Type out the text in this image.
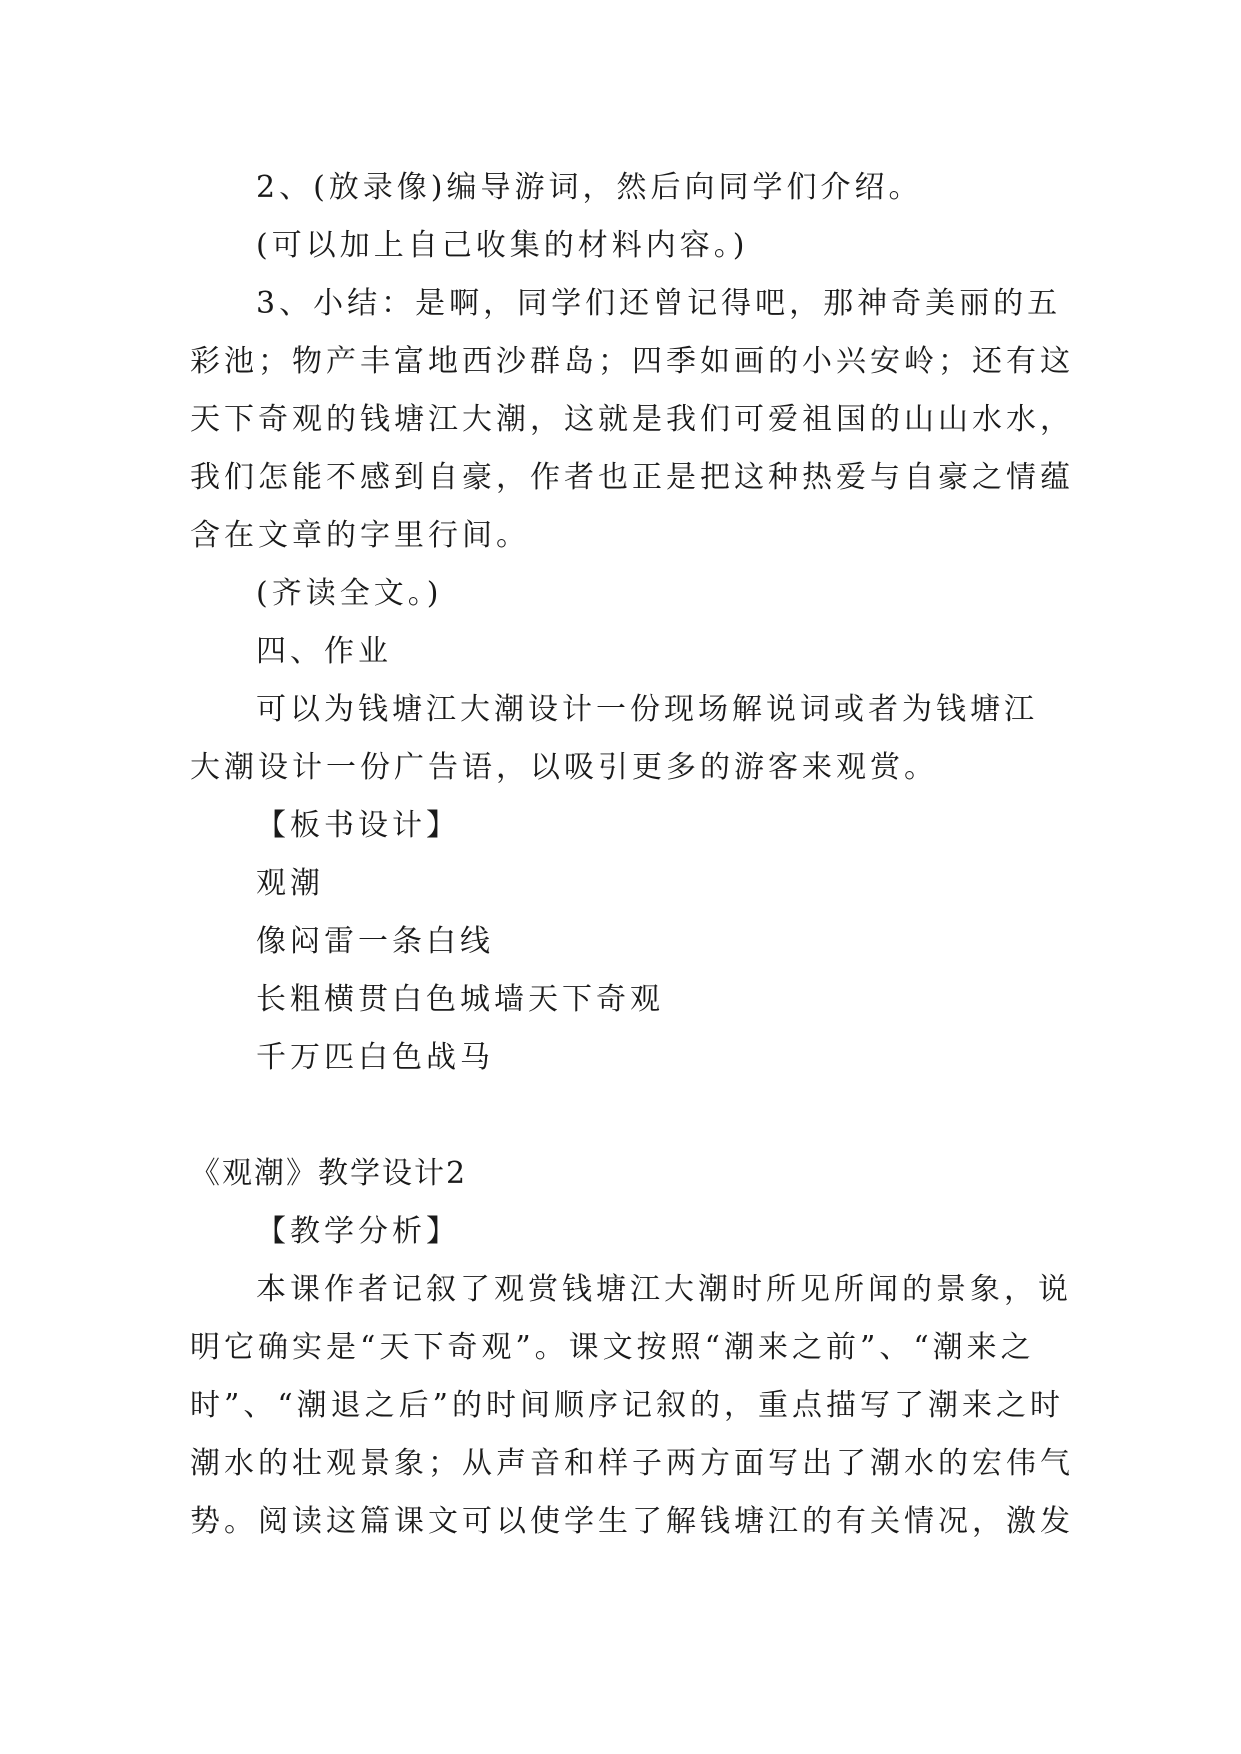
2、(放录像)编导游词，然后向同学们介绍。
(可以加上自己收集的材料内容。)
3、小结：是啊，同学们还曾记得吧，那神奇美丽的五
彩池；物产丰富地西沙群岛；四季如画的小兴安岭；还有这
天下奇观的钱塘江大潮，这就是我们可爱祖国的山山水水，
我们怎能不感到自豪，作者也正是把这种热爱与自豪之情蕴
含在文章的字里行间。
(齐读全文。)
四、作业
可以为钱塘江大潮设计一份现场解说词或者为钱塘江
大潮设计一份广告语，以吸引更多的游客来观赏。
【板书设计】
观潮
像闷雷一条白线
长粗横贯白色城墙天下奇观
千万匹白色战马
《观潮》教学设计2
【教学分析】
本课作者记叙了观赏钱塘江大潮时所见所闻的景象，说
明它确实是“天下奇观”。课文按照“潮来之前”、“潮来之
时”、“潮退之后”的时间顺序记叙的，重点描写了潮来之时
潮水的壮观景象；从声音和样子两方面写出了潮水的宏伟气
势。阅读这篇课文可以使学生了解钱塘江的有关情况，激发
